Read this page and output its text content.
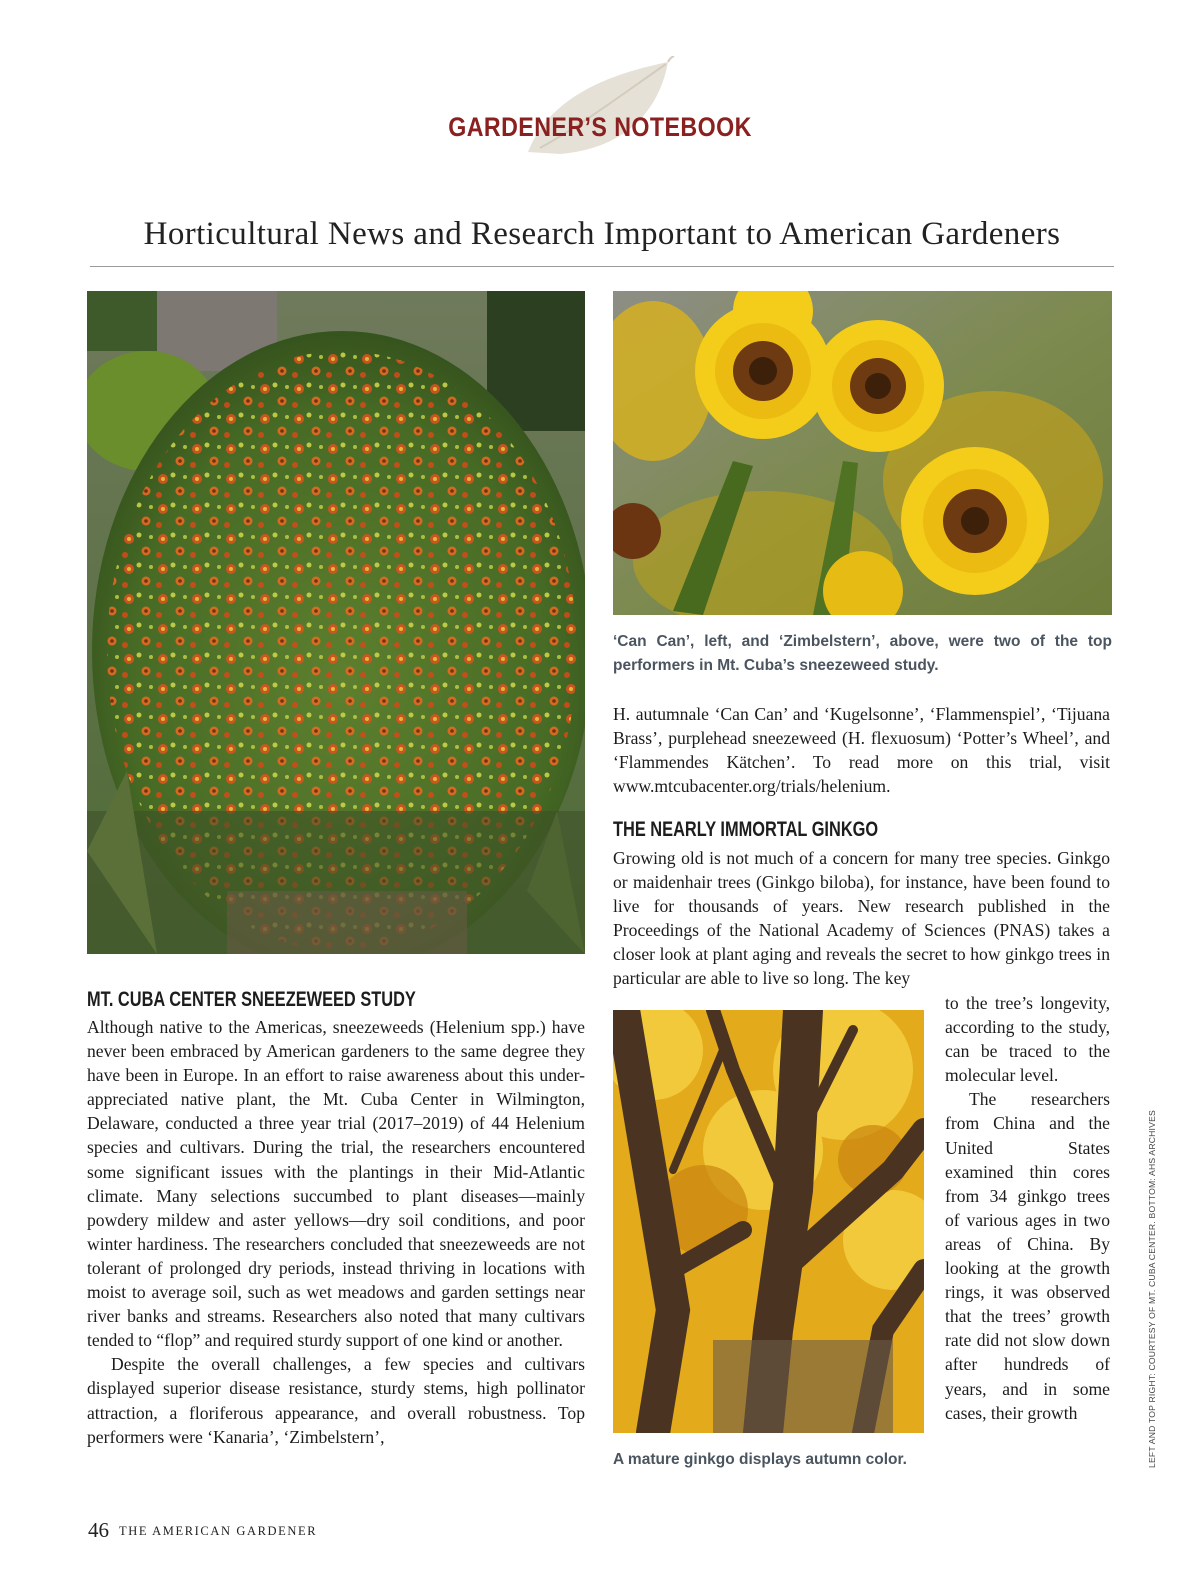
GARDENER’S NOTEBOOK
Horticultural News and Research Important to American Gardeners
‘Can Can’, left, and ‘Zimbelstern’, above, were two of the top performers in Mt. Cuba’s sneezeweed study.

H. autumnale ‘Can Can’ and ‘Kugelsonne’, ‘Flammenspiel’, ‘Tijuana Brass’, purplehead sneezeweed (H. flexuosum) ‘Potter’s Wheel’, and ‘Flammendes Kätchen’. To read more on this trial, visit www.mtcubacenter.org/trials/helenium.

THE NEARLY IMMORTAL GINKGO

Growing old is not much of a concern for many tree species. Ginkgo or maidenhair trees (Ginkgo biloba), for instance, have been found to live for thousands of years. New research published in the Proceedings of the National Academy of Sciences (PNAS) takes a closer look at plant aging and reveals the secret to how ginkgo trees in particular are able to live so long. The key

A mature ginkgo displays autumn color.

to the tree’s longevity, according to the study, can be traced to the molecular level.

The researchers from China and the United States examined thin cores from 34 ginkgo trees of various ages in two areas of China. By looking at the growth rings, it was observed that the trees’ growth rate did not slow down after hundreds of years, and in some cases, their growth

MT. CUBA CENTER SNEEZEWEED STUDY

Although native to the Americas, sneezeweeds (Helenium spp.) have never been embraced by American gardeners to the same degree they have been in Europe. In an effort to raise awareness about this under-appreciated native plant, the Mt. Cuba Center in Wilmington, Delaware, conducted a three year trial (2017–2019) of 44 Helenium species and cultivars. During the trial, the researchers encountered some significant issues with the plantings in their Mid-Atlantic climate. Many selections succumbed to plant diseases—mainly powdery mildew and aster yellows—dry soil conditions, and poor winter hardiness. The researchers concluded that sneezeweeds are not tolerant of prolonged dry periods, instead thriving in locations with moist to average soil, such as wet meadows and garden settings near river banks and streams. Researchers also noted that many cultivars tended to “flop” and required sturdy support of one kind or another.

Despite the overall challenges, a few species and cultivars displayed superior disease resistance, sturdy stems, high pollinator attraction, a floriferous appearance, and overall robustness. Top performers were ‘Kanaria’, ‘Zimbelstern’,	LEFT AND TOP RIGHT: COURTESY OF MT. CUBA CENTER. BOTTOM: AHS ARCHIVES
46 THE AMERICAN GARDENER
